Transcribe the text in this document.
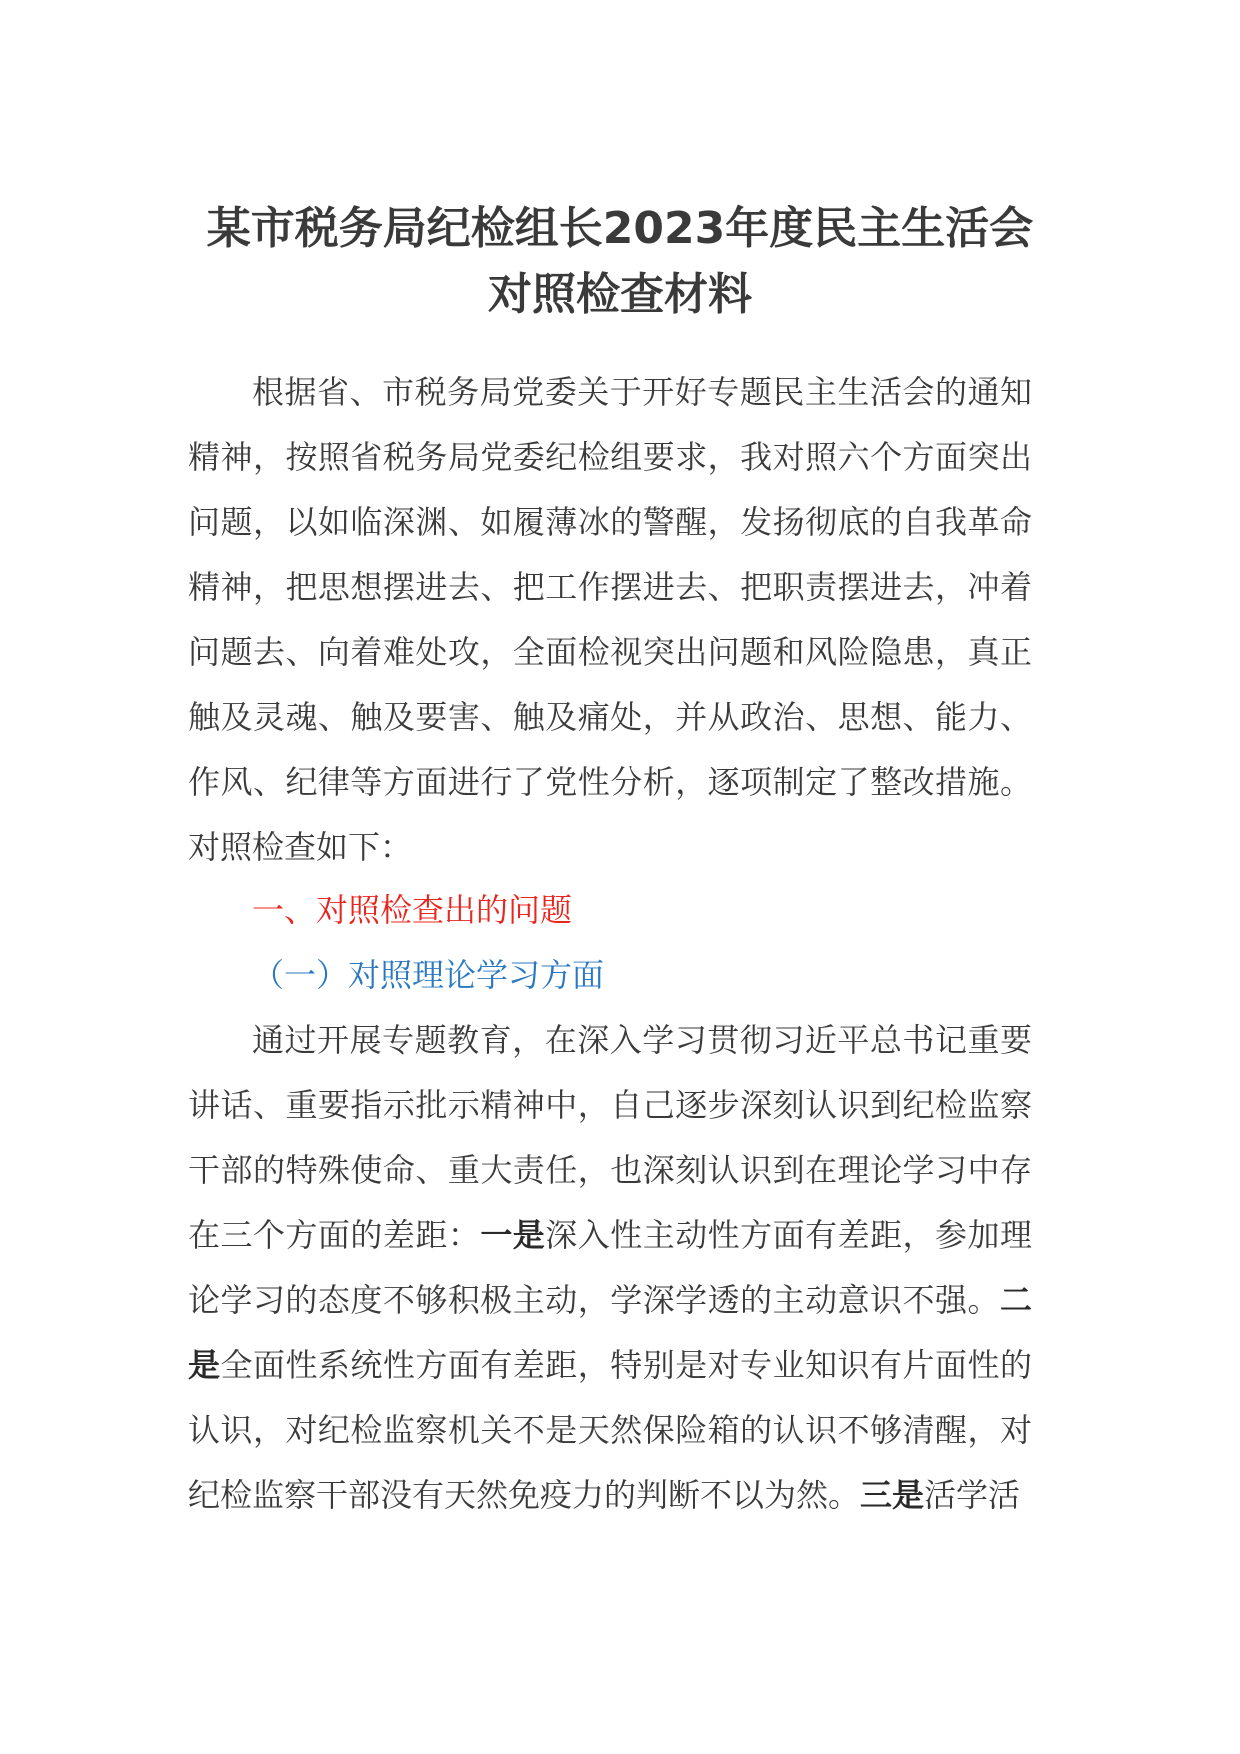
某市税务局纪检组长2023年度民主生活会
对照检查材料

根据省、市税务局党委关于开好专题民主生活会的通知精神，按照省税务局党委纪检组要求，我对照六个方面突出问题，以如临深渊、如履薄冰的警醒，发扬彻底的自我革命精神，把思想摆进去、把工作摆进去、把职责摆进去，冲着问题去、向着难处攻，全面检视突出问题和风险隐患，真正触及灵魂、触及要害、触及痛处，并从政治、思想、能力、作风、纪律等方面进行了党性分析，逐项制定了整改措施。对照检查如下：

一、对照检查出的问题

（一）对照理论学习方面

通过开展专题教育，在深入学习贯彻习近平总书记重要讲话、重要指示批示精神中，自己逐步深刻认识到纪检监察干部的特殊使命、重大责任，也深刻认识到在理论学习中存在三个方面的差距：一是深入性主动性方面有差距，参加理论学习的态度不够积极主动，学深学透的主动意识不强。二是全面性系统性方面有差距，特别是对专业知识有片面性的认识，对纪检监察机关不是天然保险箱的认识不够清醒，对纪检监察干部没有天然免疫力的判断不以为然。三是活学活
